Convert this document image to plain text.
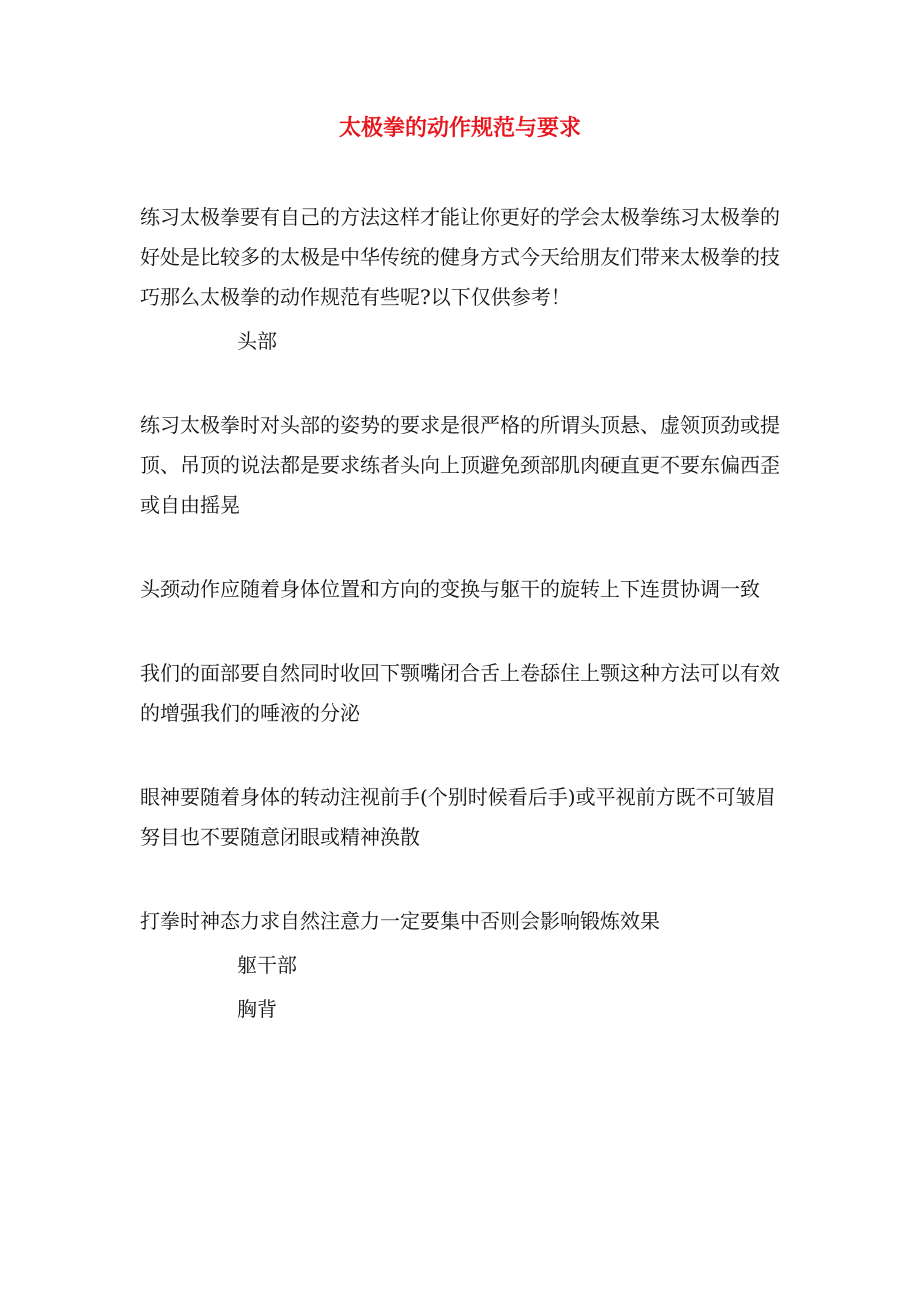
太极拳的动作规范与要求

练习太极拳要有自己的方法这样才能让你更好的学会太极拳练习太极拳的好处是比较多的太极是中华传统的健身方式今天给朋友们带来太极拳的技巧那么太极拳的动作规范有些呢?以下仅供参考！

头部

练习太极拳时对头部的姿势的要求是很严格的所谓头顶悬、虚领顶劲或提顶、吊顶的说法都是要求练者头向上顶避免颈部肌肉硬直更不要东偏西歪或自由摇晃

头颈动作应随着身体位置和方向的变换与躯干的旋转上下连贯协调一致

我们的面部要自然同时收回下颚嘴闭合舌上卷舔住上颚这种方法可以有效的增强我们的唾液的分泌

眼神要随着身体的转动注视前手(个别时候看后手)或平视前方既不可皱眉努目也不要随意闭眼或精神涣散

打拳时神态力求自然注意力一定要集中否则会影响锻炼效果

躯干部

胸背
